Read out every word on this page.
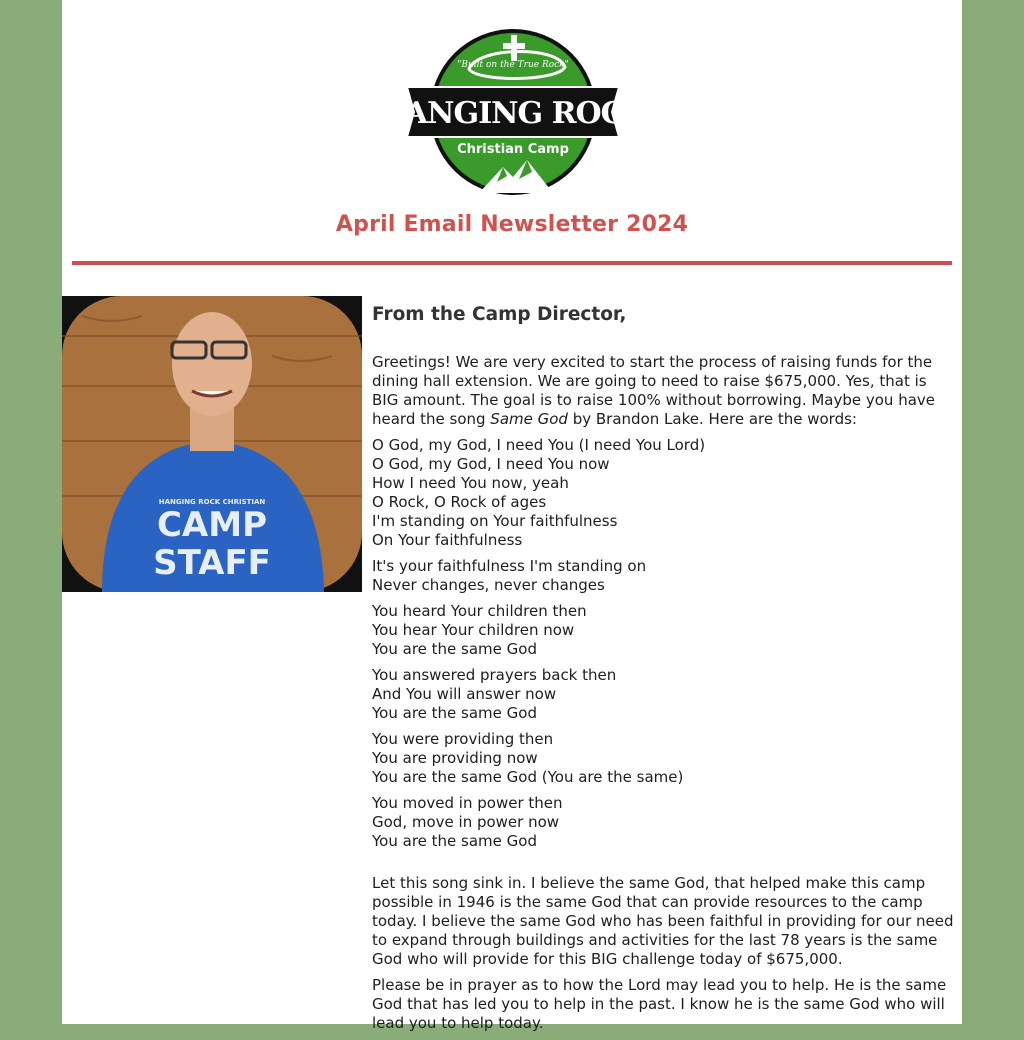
"Built on the True Rock"
HANGING ROCK
Christian Camp
April Email Newsletter 2024
HANGING ROCK CHRISTIAN
CAMP
STAFF
From the Camp Director,

Greetings! We are very excited to start the process of raising funds for the dining hall extension. We are going to need to raise $675,000. Yes, that is BIG amount. The goal is to raise 100% without borrowing. Maybe you have heard the song Same God by Brandon Lake. Here are the words:

O God, my God, I need You (I need You Lord)
O God, my God, I need You now
How I need You now, yeah
O Rock, O Rock of ages
I'm standing on Your faithfulness
On Your faithfulness
It's your faithfulness I'm standing on
Never changes, never changes
You heard Your children then
You hear Your children now
You are the same God
You answered prayers back then
And You will answer now
You are the same God
You were providing then
You are providing now
You are the same God (You are the same)
You moved in power then
God, move in power now
You are the same God

Let this song sink in. I believe the same God, that helped make this camp possible in 1946 is the same God that can provide resources to the camp today. I believe the same God who has been faithful in providing for our need to expand through buildings and activities for the last 78 years is the same God who will provide for this BIG challenge today of $675,000.

Please be in prayer as to how the Lord may lead you to help. He is the same God that has led you to help in the past. I know he is the same God who will lead you to help today.
